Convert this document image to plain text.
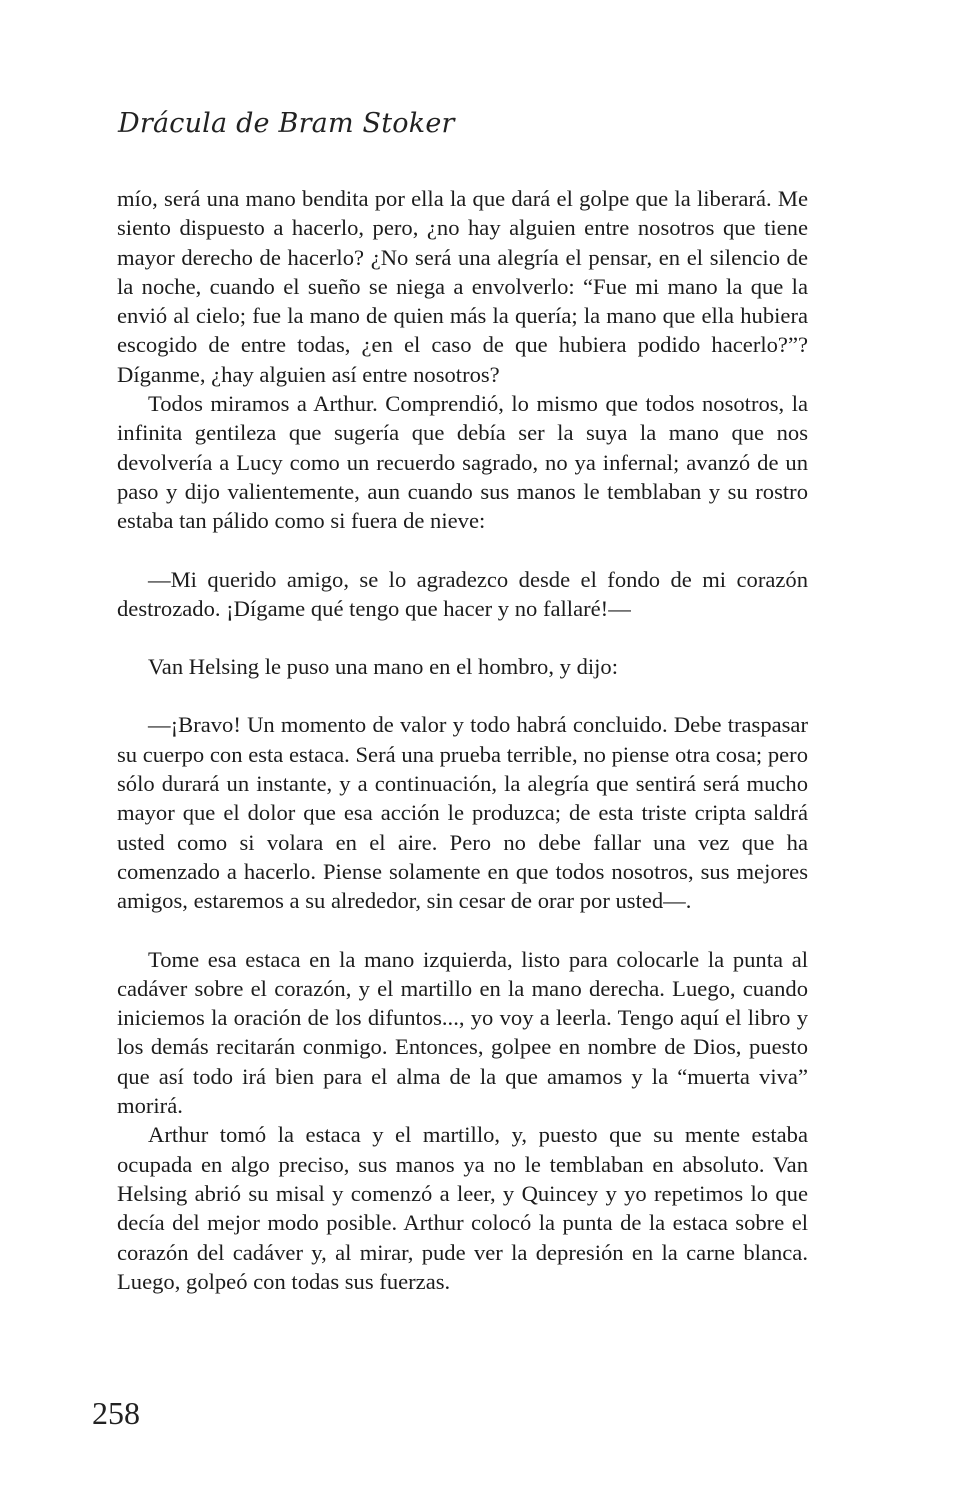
Drácula de Bram Stoker

mío, será una mano bendita por ella la que dará el golpe que la liberará. Me siento dispuesto a hacerlo, pero, ¿no hay alguien entre nosotros que tiene mayor derecho de hacerlo? ¿No será una alegría el pensar, en el silencio de la noche, cuando el sueño se niega a envolverlo: “Fue mi mano la que la envió al cielo; fue la mano de quien más la quería; la mano que ella hubiera escogido de entre todas, ¿en el caso de que hubiera podido hacerlo?”? Díganme, ¿hay alguien así entre nosotros?

Todos miramos a Arthur. Comprendió, lo mismo que todos nosotros, la infinita gentileza que sugería que debía ser la suya la mano que nos devolvería a Lucy como un recuerdo sagrado, no ya infernal; avanzó de un paso y dijo valientemente, aun cuando sus manos le temblaban y su rostro estaba tan pálido como si fuera de nieve:

—Mi querido amigo, se lo agradezco desde el fondo de mi corazón destrozado. ¡Dígame qué tengo que hacer y no fallaré!—

Van Helsing le puso una mano en el hombro, y dijo:

—¡Bravo! Un momento de valor y todo habrá concluido. Debe traspasar su cuerpo con esta estaca. Será una prueba terrible, no piense otra cosa; pero sólo durará un instante, y a continuación, la alegría que sentirá será mucho mayor que el dolor que esa acción le produzca; de esta triste cripta saldrá usted como si volara en el aire. Pero no debe fallar una vez que ha comenzado a hacerlo. Piense solamente en que todos nosotros, sus mejores amigos, estaremos a su alrededor, sin cesar de orar por usted—.

Tome esa estaca en la mano izquierda, listo para colocarle la punta al cadáver sobre el corazón, y el martillo en la mano derecha. Luego, cuando iniciemos la oración de los difuntos..., yo voy a leerla. Tengo aquí el libro y los demás recitarán conmigo. Entonces, golpee en nombre de Dios, puesto que así todo irá bien para el alma de la que amamos y la “muerta viva” morirá.

Arthur tomó la estaca y el martillo, y, puesto que su mente estaba ocupada en algo preciso, sus manos ya no le temblaban en absoluto. Van Helsing abrió su misal y comenzó a leer, y Quincey y yo repetimos lo que decía del mejor modo posible. Arthur colocó la punta de la estaca sobre el corazón del cadáver y, al mirar, pude ver la depresión en la carne blanca. Luego, golpeó con todas sus fuerzas.

258
